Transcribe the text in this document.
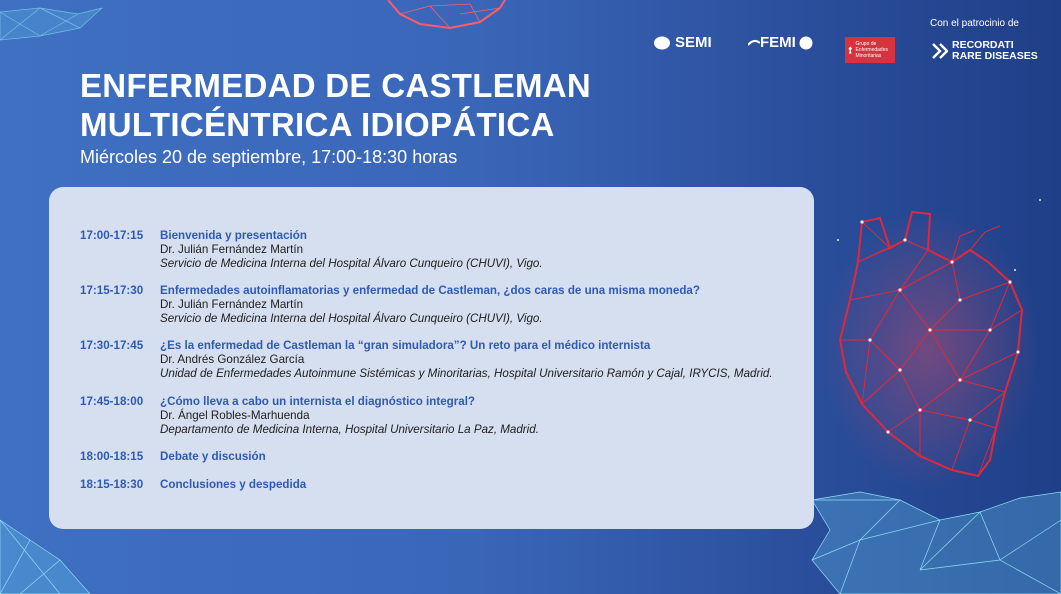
ENFERMEDAD DE CASTLEMAN
MULTICÉNTRICA IDIOPÁTICA
Miércoles 20 de septiembre, 17:00-18:30 horas
Con el patrocinio de
SEMI	FEMI	Grupo de Enfermedades Minoritarias
RECORDATI
RARE DISEASES
17:00-17:15	Bienvenida y presentación
Dr. Julián Fernández Martín
Servicio de Medicina Interna del Hospital Álvaro Cunqueiro (CHUVI), Vigo.
17:15-17:30	Enfermedades autoinflamatorias y enfermedad de Castleman, ¿dos caras de una misma moneda?
Dr. Julián Fernández Martín
Servicio de Medicina Interna del Hospital Álvaro Cunqueiro (CHUVI), Vigo.
17:30-17:45	¿Es la enfermedad de Castleman la “gran simuladora”? Un reto para el médico internista
Dr. Andrés González García
Unidad de Enfermedades Autoinmune Sistémicas y Minoritarias, Hospital Universitario Ramón y Cajal, IRYCIS, Madrid.
17:45-18:00	¿Cómo lleva a cabo un internista el diagnóstico integral?
Dr. Ángel Robles-Marhuenda
Departamento de Medicina Interna, Hospital Universitario La Paz, Madrid.
18:00-18:15	Debate y discusión
18:15-18:30	Conclusiones y despedida
